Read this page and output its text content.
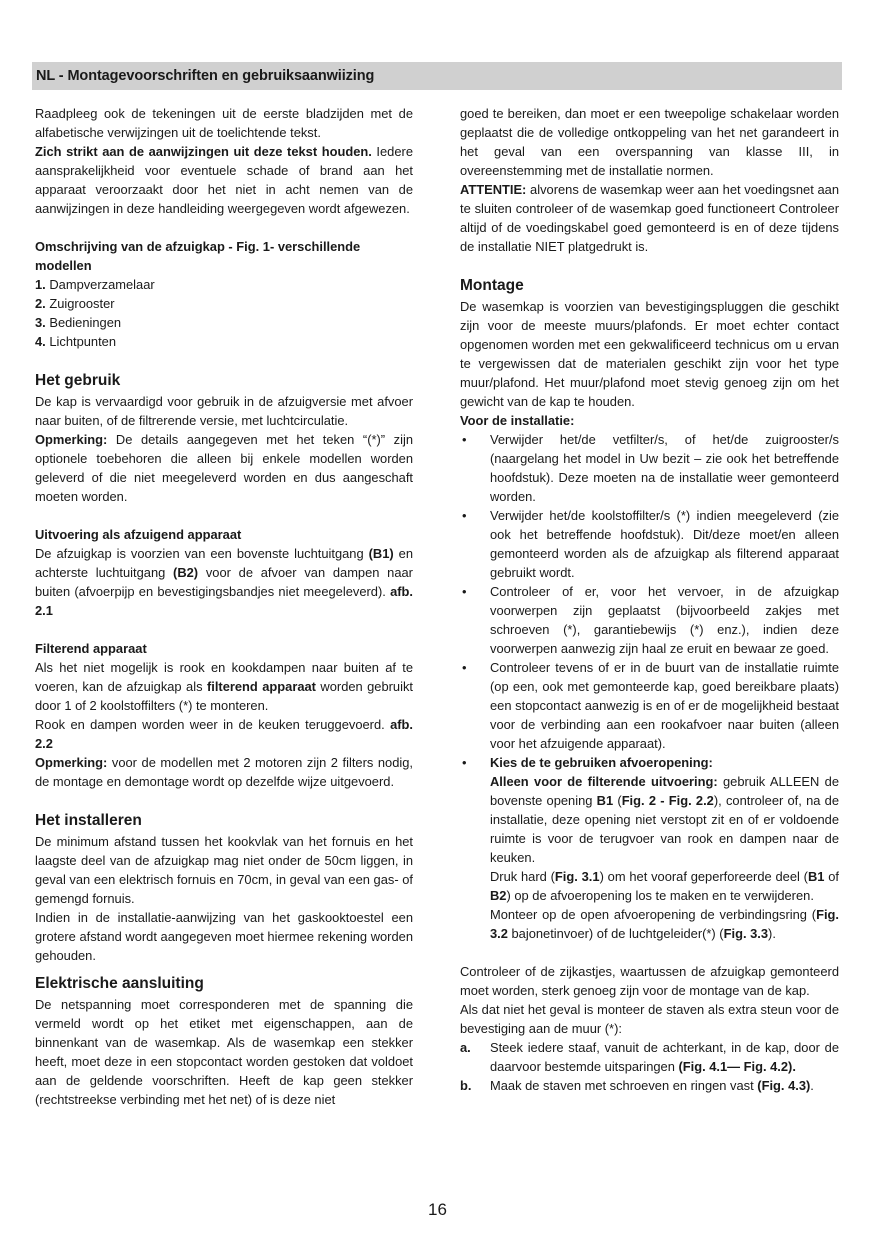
NL - Montagevoorschriften en gebruiksaanwiizing

Raadpleeg ook de tekeningen uit de eerste bladzijden met de alfabetische verwijzingen uit de toelichtende tekst.

Zich strikt aan de aanwijzingen uit deze tekst houden. Iedere aansprakelijkheid voor eventuele schade of brand aan het apparaat veroorzaakt door het niet in acht nemen van de aanwijzingen in deze handleiding weergegeven wordt afgewezen.

Omschrijving van de afzuigkap - Fig. 1- verschillende modellen
1. Dampverzamelaar
2. Zuigrooster
3. Bedieningen
4. Lichtpunten
Het gebruik

De kap is vervaardigd voor gebruik in de afzuigversie met afvoer naar buiten, of de filtrerende versie, met luchtcirculatie.

Opmerking: De details aangegeven met het teken “(*)” zijn optionele toebehoren die alleen bij enkele modellen worden geleverd of die niet meegeleverd worden en dus aangeschaft moeten worden.

Uitvoering als afzuigend apparaat

De afzuigkap is voorzien van een bovenste luchtuitgang (B1) en achterste luchtuitgang (B2) voor de afvoer van dampen naar buiten (afvoerpijp en bevestigingsbandjes niet meegeleverd). afb. 2.1

Filterend apparaat

Als het niet mogelijk is rook en kookdampen naar buiten af te voeren, kan de afzuigkap als filterend apparaat worden gebruikt door 1 of 2 koolstoffilters (*) te monteren.

Rook en dampen worden weer in de keuken teruggevoerd. afb. 2.2

Opmerking: voor de modellen met 2 motoren zijn 2 filters nodig, de montage en demontage wordt op dezelfde wijze uitgevoerd.

Het installeren

De minimum afstand tussen het kookvlak van het fornuis en het laagste deel van de afzuigkap mag niet onder de 50cm liggen, in geval van een elektrisch fornuis en 70cm, in geval van een gas- of gemengd fornuis.

Indien in de installatie-aanwijzing van het gaskooktoestel een grotere afstand wordt aangegeven moet hiermee rekening worden gehouden.

Elektrische aansluiting

De netspanning moet corresponderen met de spanning die vermeld wordt op het etiket met eigenschappen, aan de binnenkant van de wasemkap. Als de wasemkap een stekker heeft, moet deze in een stopcontact worden gestoken dat voldoet aan de geldende voorschriften. Heeft de kap geen stekker (rechtstreekse verbinding met het net) of is deze niet

goed te bereiken, dan moet er een tweepolige schakelaar worden geplaatst die de volledige ontkoppeling van het net garandeert in het geval van een overspanning van klasse III, in overeenstemming met de installatie normen.

ATTENTIE: alvorens de wasemkap weer aan het voedingsnet aan te sluiten controleer of de wasemkap goed functioneert Controleer altijd of de voedingskabel goed gemonteerd is en of deze tijdens de installatie NIET platgedrukt is.

Montage

De wasemkap is voorzien van bevestigingspluggen die geschikt zijn voor de meeste muurs/plafonds. Er moet echter contact opgenomen worden met een gekwalificeerd technicus om u ervan te vergewissen dat de materialen geschikt zijn voor het type muur/plafond. Het muur/plafond moet stevig genoeg zijn om het gewicht van de kap te houden.

Voor de installatie:
• Verwijder het/de vetfilter/s, of het/de zuigrooster/s (naargelang het model in Uw bezit – zie ook het betreffende hoofdstuk). Deze moeten na de installatie weer gemonteerd worden.
• Verwijder het/de koolstoffilter/s (*) indien meegeleverd (zie ook het betreffende hoofdstuk). Dit/deze moet/en alleen gemonteerd worden als de afzuigkap als filterend apparaat gebruikt wordt.
• Controleer of er, voor het vervoer, in de afzuigkap voorwerpen zijn geplaatst (bijvoorbeeld zakjes met schroeven (*), garantiebewijs (*) enz.), indien deze voorwerpen aanwezig zijn haal ze eruit en bewaar ze goed.
• Controleer tevens of er in de buurt van de installatie ruimte (op een, ook met gemonteerde kap, goed bereikbare plaats) een stopcontact aanwezig is en of er de mogelijkheid bestaat voor de verbinding aan een rookafvoer naar buiten (alleen voor het afzuigende apparaat).
• Kies de te gebruiken afvoeropening:

Alleen voor de filterende uitvoering: gebruik ALLEEN de bovenste opening B1 (Fig. 2 - Fig. 2.2), controleer of, na de installatie, deze opening niet verstopt zit en of er voldoende ruimte is voor de terugvoer van rook en dampen naar de keuken.

Druk hard (Fig. 3.1) om het vooraf geperforeerde deel (B1 of B2) op de afvoeropening los te maken en te verwijderen.

Monteer op de open afvoeropening de verbindingsring (Fig. 3.2 bajonetinvoer) of de luchtgeleider(*) (Fig. 3.3).

Controleer of de zijkastjes, waartussen de afzuigkap gemonteerd moet worden, sterk genoeg zijn voor de montage van de kap.

Als dat niet het geval is monteer de staven als extra steun voor de bevestiging aan de muur (*):

a. Steek iedere staaf, vanuit de achterkant, in de kap, door de daarvoor bestemde uitsparingen (Fig. 4.1— Fig. 4.2).
b. Maak de staven met schroeven en ringen vast (Fig. 4.3).
16
